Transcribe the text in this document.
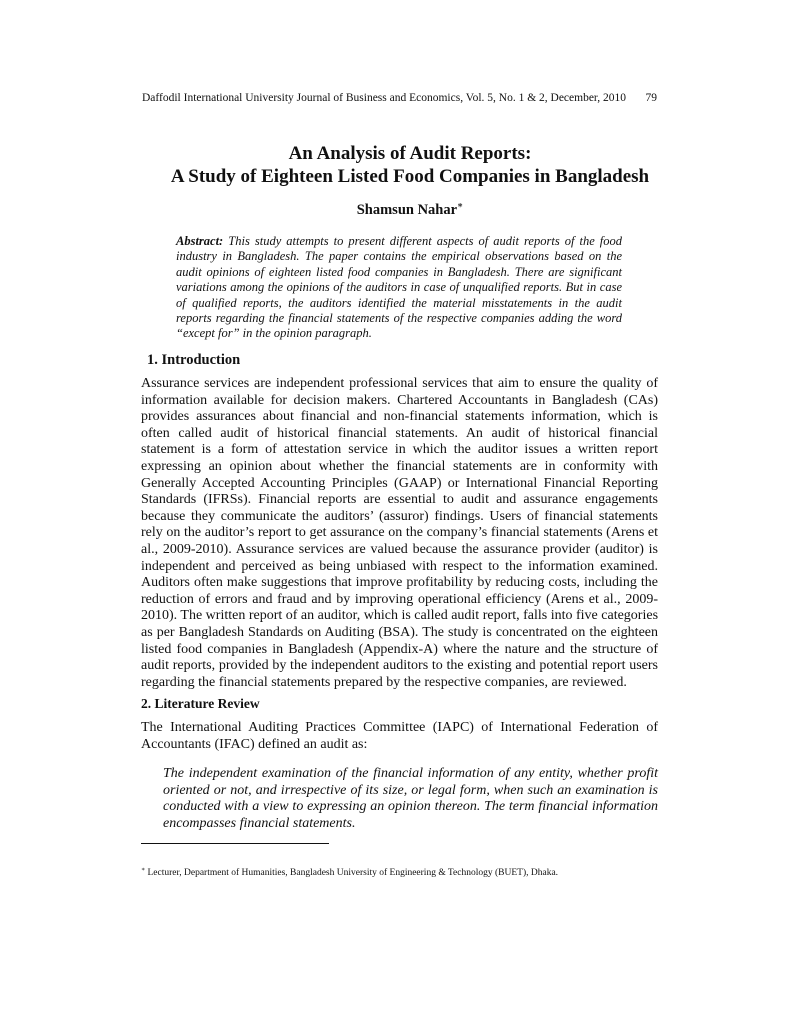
Daffodil International University Journal of Business and Economics, Vol. 5, No. 1 & 2, December, 2010 79
An Analysis of Audit Reports:
A Study of Eighteen Listed Food Companies in Bangladesh
Shamsun Nahar∗
Abstract: This study attempts to present different aspects of audit reports of the food industry in Bangladesh. The paper contains the empirical observations based on the audit opinions of eighteen listed food companies in Bangladesh. There are significant variations among the opinions of the auditors in case of unqualified reports. But in case of qualified reports, the auditors identified the material misstatements in the audit reports regarding the financial statements of the respective companies adding the word “except for” in the opinion paragraph.
1. Introduction
Assurance services are independent professional services that aim to ensure the quality of information available for decision makers. Chartered Accountants in Bangladesh (CAs) provides assurances about financial and non-financial statements information, which is often called audit of historical financial statements. An audit of historical financial statement is a form of attestation service in which the auditor issues a written report expressing an opinion about whether the financial statements are in conformity with Generally Accepted Accounting Principles (GAAP) or International Financial Reporting Standards (IFRSs). Financial reports are essential to audit and assurance engagements because they communicate the auditors’ (assuror) findings. Users of financial statements rely on the auditor’s report to get assurance on the company’s financial statements (Arens et al., 2009-2010). Assurance services are valued because the assurance provider (auditor) is independent and perceived as being unbiased with respect to the information examined. Auditors often make suggestions that improve profitability by reducing costs, including the reduction of errors and fraud and by improving operational efficiency (Arens et al., 2009-2010). The written report of an auditor, which is called audit report, falls into five categories as per Bangladesh Standards on Auditing (BSA). The study is concentrated on the eighteen listed food companies in Bangladesh (Appendix-A) where the nature and the structure of audit reports, provided by the independent auditors to the existing and potential report users regarding the financial statements prepared by the respective companies, are reviewed.
2. Literature Review
The International Auditing Practices Committee (IAPC) of International Federation of Accountants (IFAC) defined an audit as:
The independent examination of the financial information of any entity, whether profit oriented or not, and irrespective of its size, or legal form, when such an examination is conducted with a view to expressing an opinion thereon. The term financial information encompasses financial statements.
∗ Lecturer, Department of Humanities, Bangladesh University of Engineering & Technology (BUET), Dhaka.
